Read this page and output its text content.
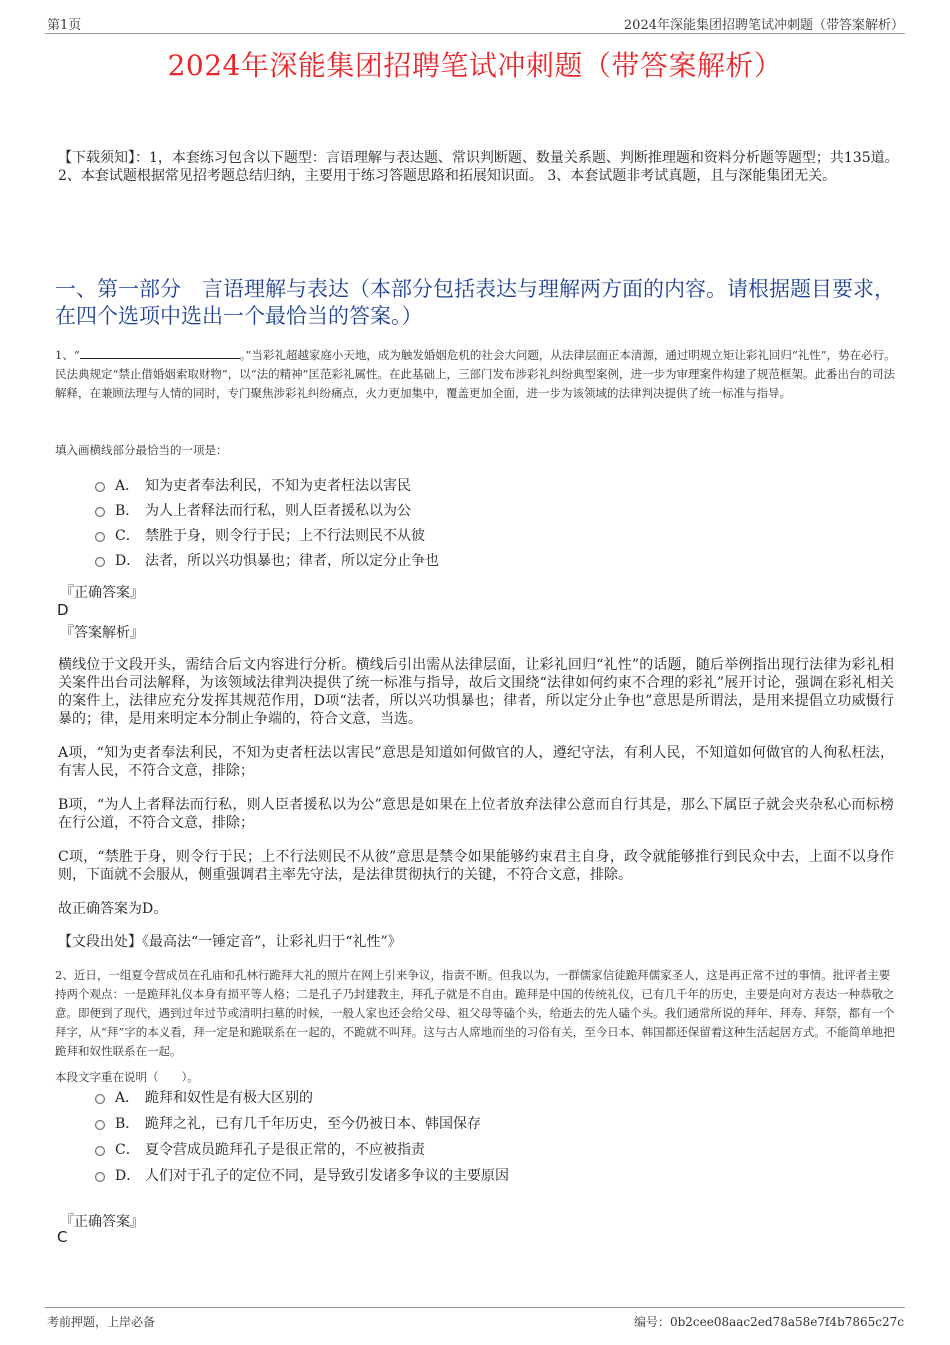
第1页	2024年深能集团招聘笔试冲刺题（带答案解析）
2024年深能集团招聘笔试冲刺题（带答案解析）
【下载须知】：1，本套练习包含以下题型：言语理解与表达题、常识判断题、数量关系题、判断推理题和资料分析题等题型；共135道。 2、本套试题根据常见招考题总结归纳，主要用于练习答题思路和拓展知识面。 3、本套试题非考试真题，且与深能集团无关。
一、第一部分　言语理解与表达（本部分包括表达与理解两方面的内容。请根据题目要求，在四个选项中选出一个最恰当的答案。）
1、“	。”当彩礼超越家庭小天地，成为触发婚姻危机的社会大问题，从法律层面正本清源，通过明规立矩让彩礼回归“礼性”，势在必行。民法典规定“禁止借婚姻索取财物”，以“法的精神”匡范彩礼属性。在此基础上，三部门发布涉彩礼纠纷典型案例，进一步为审理案件构建了规范框架。此番出台的司法解释，在兼顾法理与人情的同时，专门聚焦涉彩礼纠纷痛点，火力更加集中，覆盖更加全面，进一步为该领域的法律判决提供了统一标准与指导。
填入画横线部分最恰当的一项是：
A． 知为吏者奉法利民，不知为吏者枉法以害民
B． 为人上者释法而行私，则人臣者援私以为公
C． 禁胜于身，则令行于民；上不行法则民不从彼
D． 法者，所以兴功惧暴也；律者，所以定分止争也
『正确答案』
D
『答案解析』
横线位于文段开头，需结合后文内容进行分析。横线后引出需从法律层面，让彩礼回归“礼性”的话题，随后举例指出现行法律为彩礼相关案件出台司法解释，为该领域法律判决提供了统一标准与指导，故后文围绕“法律如何约束不合理的彩礼”展开讨论，强调在彩礼相关的案件上，法律应充分发挥其规范作用，D项“法者，所以兴功惧暴也；律者，所以定分止争也”意思是所谓法，是用来提倡立功威慑行暴的；律，是用来明定本分制止争端的，符合文意，当选。
A项，“知为吏者奉法利民，不知为吏者枉法以害民”意思是知道如何做官的人，遵纪守法，有利人民，不知道如何做官的人徇私枉法，有害人民，不符合文意，排除；
B项，“为人上者释法而行私，则人臣者援私以为公”意思是如果在上位者放弃法律公意而自行其是，那么下属臣子就会夹杂私心而标榜在行公道，不符合文意，排除；
C项，“禁胜于身，则令行于民；上不行法则民不从彼”意思是禁令如果能够约束君主自身，政令就能够推行到民众中去，上面不以身作则，下面就不会服从，侧重强调君主率先守法，是法律贯彻执行的关键，不符合文意，排除。
故正确答案为D。
【文段出处】《最高法“一锤定音”，让彩礼归于“礼性”》
2、近日，一组夏令营成员在孔庙和孔林行跪拜大礼的照片在网上引来争议，指责不断。但我以为，一群儒家信徒跪拜儒家圣人，这是再正常不过的事情。批评者主要持两个观点：一是跪拜礼仪本身有损平等人格；二是孔子乃封建教主，拜孔子就是不自由。跪拜是中国的传统礼仪，已有几千年的历史，主要是向对方表达一种恭敬之意。即便到了现代，遇到过年过节或清明扫墓的时候，一般人家也还会给父母、祖父母等磕个头，给逝去的先人磕个头。我们通常所说的拜年、拜寿、拜祭，都有一个拜字，从“拜”字的本义看，拜一定是和跪联系在一起的，不跪就不叫拜。这与古人席地而坐的习俗有关，至今日本、韩国都还保留着这种生活起居方式。不能简单地把跪拜和奴性联系在一起。
本段文字重在说明（　　）。
A． 跪拜和奴性是有极大区别的
B． 跪拜之礼，已有几千年历史，至今仍被日本、韩国保存
C． 夏令营成员跪拜孔子是很正常的，不应被指责
D． 人们对于孔子的定位不同，是导致引发诸多争议的主要原因
『正确答案』
C
考前押题，上岸必备	编号：0b2cee08aac2ed78a58e7f4b7865c27c
